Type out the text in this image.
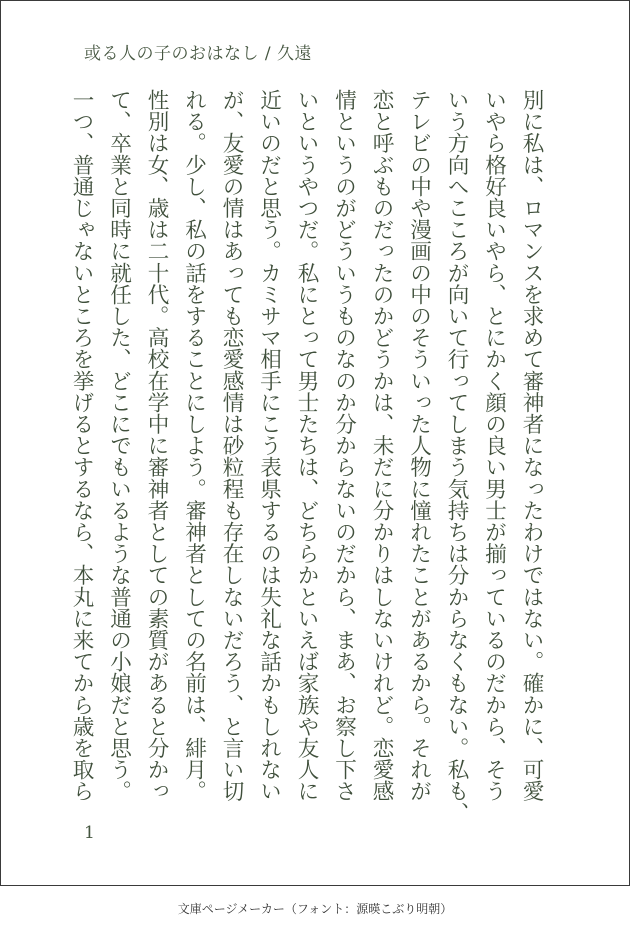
或る人の子のおはなし / 久遠

別に私は、ロマンスを求めて審神者になったわけではない。確かに、可愛
いやら格好良いやら、とにかく顔の良い男士が揃っているのだから、そう
いう方向へこころが向いて行ってしまう気持ちは分からなくもない。私も、
テレビの中や漫画の中のそういった人物に憧れたことがあるから。それが
恋と呼ぶものだったのかどうかは、未だに分かりはしないけれど。恋愛感
情というのがどういうものなのか分からないのだから、まあ、お察し下さ
いというやつだ。私にとって男士たちは、どちらかといえば家族や友人に
近いのだと思う。カミサマ相手にこう表県するのは失礼な話かもしれない
が、友愛の情はあっても恋愛感情は砂粒程も存在しないだろう、と言い切
れる。少し、私の話をすることにしよう。審神者としての名前は、緋月。
性別は女、歳は二十代。高校在学中に審神者としての素質があると分かっ
て、卒業と同時に就任した、どこにでもいるような普通の小娘だと思う。
一つ、普通じゃないところを挙げるとするなら、本丸に来てから歳を取ら

1
文庫ページメーカー（フォント：源暎こぶり明朝）
